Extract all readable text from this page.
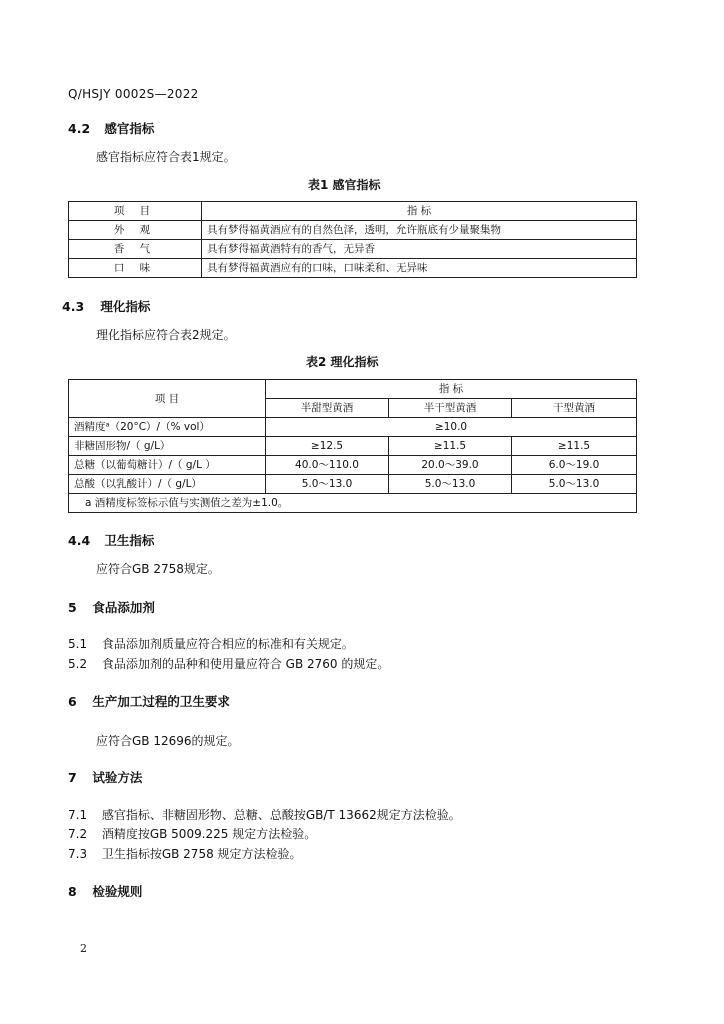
Q/HSJY 0002S—2022
4.2 感官指标
感官指标应符合表1规定。
表1 感官指标
项 目	指 标
外 观	具有梦得福黄酒应有的自然色泽，透明，允许瓶底有少量聚集物
香 气	具有梦得福黄酒特有的香气，无异香
口 味	具有梦得福黄酒应有的口味，口味柔和、无异味
4.3 理化指标
理化指标应符合表2规定。
表2 理化指标
项 目	指 标		
	半甜型黄酒	半干型黄酒	干型黄酒
酒精度ᵃ（20°C）/（% vol）	≥10.0		
非糖固形物/（ g/L）	≥12.5	≥11.5	≥11.5
总糖（以葡萄糖计）/（ g/L ）	40.0～110.0	20.0～39.0	6.0～19.0
总酸（以乳酸计）/（ g/L）	5.0～13.0	5.0～13.0	5.0～13.0
a 酒精度标签标示值与实测值之差为±1.0。			
4.4 卫生指标
应符合GB 2758规定。
5 食品添加剂
5.1 食品添加剂质量应符合相应的标准和有关规定。
5.2 食品添加剂的品种和使用量应符合 GB 2760 的规定。
6 生产加工过程的卫生要求
应符合GB 12696的规定。
7 试验方法
7.1 感官指标、非糖固形物、总糖、总酸按GB/T 13662规定方法检验。
7.2 酒精度按GB 5009.225 规定方法检验。
7.3 卫生指标按GB 2758 规定方法检验。
8 检验规则
2
